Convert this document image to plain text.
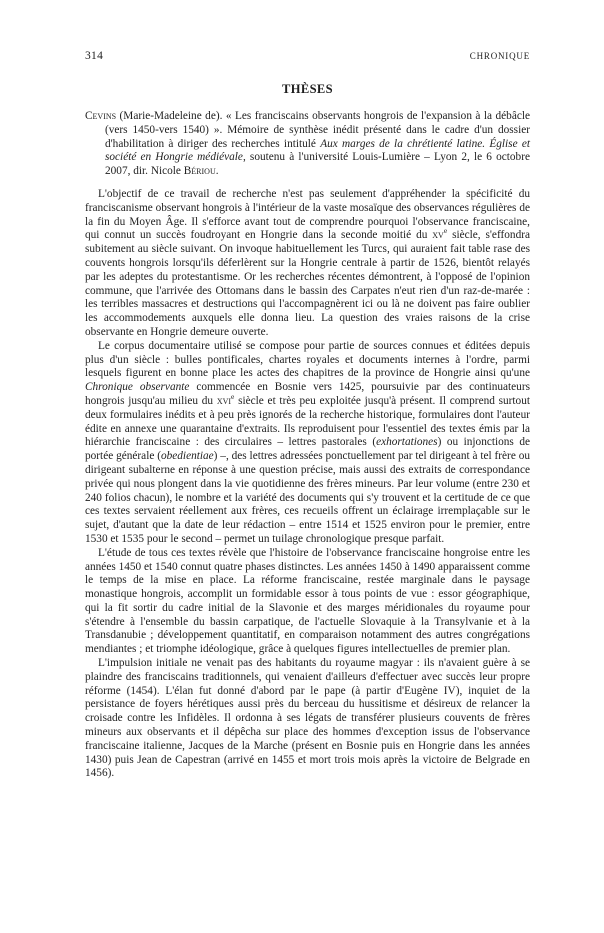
314	CHRONIQUE
THÈSES

Cevins (Marie-Madeleine de). « Les franciscains observants hongrois de l'expansion à la débâcle (vers 1450-vers 1540) ». Mémoire de synthèse inédit présenté dans le cadre d'un dossier d'habilitation à diriger des recherches intitulé Aux marges de la chrétienté latine. Église et société en Hongrie médiévale, soutenu à l'université Louis-Lumière – Lyon 2, le 6 octobre 2007, dir. Nicole Bériou.

L'objectif de ce travail de recherche n'est pas seulement d'appréhender la spécificité du franciscanisme observant hongrois à l'intérieur de la vaste mosaïque des observances régulières de la fin du Moyen Âge. Il s'efforce avant tout de comprendre pourquoi l'observance franciscaine, qui connut un succès foudroyant en Hongrie dans la seconde moitié du $xv^e$ siècle, s'effondra subitement au siècle suivant. On invoque habituellement les Turcs, qui auraient fait table rase des couvents hongrois lorsqu'ils déferlèrent sur la Hongrie centrale à partir de 1526, bientôt relayés par les adeptes du protestantisme. Or les recherches récentes démontrent, à l'opposé de l'opinion commune, que l'arrivée des Ottomans dans le bassin des Carpates n'eut rien d'un raz-de-marée : les terribles massacres et destructions qui l'accompagnèrent ici ou là ne doivent pas faire oublier les accommodements auxquels elle donna lieu. La question des vraies raisons de la crise observante en Hongrie demeure ouverte.

Le corpus documentaire utilisé se compose pour partie de sources connues et éditées depuis plus d'un siècle : bulles pontificales, chartes royales et documents internes à l'ordre, parmi lesquels figurent en bonne place les actes des chapitres de la province de Hongrie ainsi qu'une Chronique observante commencée en Bosnie vers 1425, poursuivie par des continuateurs hongrois jusqu'au milieu du xvi$^e$ siècle et très peu exploitée jusqu'à présent. Il comprend surtout deux formulaires inédits et à peu près ignorés de la recherche historique, formulaires dont l'auteur édite en annexe une quarantaine d'extraits. Ils reproduisent pour l'essentiel des textes émis par la hiérarchie franciscaine : des circulaires – lettres pastorales (exhortationes) ou injonctions de portée générale (obedientiae) –, des lettres adressées ponctuellement par tel dirigeant à tel frère ou dirigeant subalterne en réponse à une question précise, mais aussi des extraits de correspondance privée qui nous plongent dans la vie quotidienne des frères mineurs. Par leur volume (entre 230 et 240 folios chacun), le nombre et la variété des documents qui s'y trouvent et la certitude de ce que ces textes servaient réellement aux frères, ces recueils offrent un éclairage irremplaçable sur le sujet, d'autant que la date de leur rédaction – entre 1514 et 1525 environ pour le premier, entre 1530 et 1535 pour le second – permet un tuilage chronologique presque parfait.

L'étude de tous ces textes révèle que l'histoire de l'observance franciscaine hongroise entre les années 1450 et 1540 connut quatre phases distinctes. Les années 1450 à 1490 apparaissent comme le temps de la mise en place. La réforme franciscaine, restée marginale dans le paysage monastique hongrois, accomplit un formidable essor à tous points de vue : essor géographique, qui la fit sortir du cadre initial de la Slavonie et des marges méridionales du royaume pour s'étendre à l'ensemble du bassin carpatique, de l'actuelle Slovaquie à la Transylvanie et à la Transdanubie ; développement quantitatif, en comparaison notamment des autres congrégations mendiantes ; et triomphe idéologique, grâce à quelques figures intellectuelles de premier plan.

L'impulsion initiale ne venait pas des habitants du royaume magyar : ils n'avaient guère à se plaindre des franciscains traditionnels, qui venaient d'ailleurs d'effectuer avec succès leur propre réforme (1454). L'élan fut donné d'abord par le pape (à partir d'Eugène IV), inquiet de la persistance de foyers hérétiques aussi près du berceau du hussitisme et désireux de relancer la croisade contre les Infidèles. Il ordonna à ses légats de transférer plusieurs couvents de frères mineurs aux observants et il dépêcha sur place des hommes d'exception issus de l'observance franciscaine italienne, Jacques de la Marche (présent en Bosnie puis en Hongrie dans les années 1430) puis Jean de Capestran (arrivé en 1455 et mort trois mois après la victoire de Belgrade en 1456).
